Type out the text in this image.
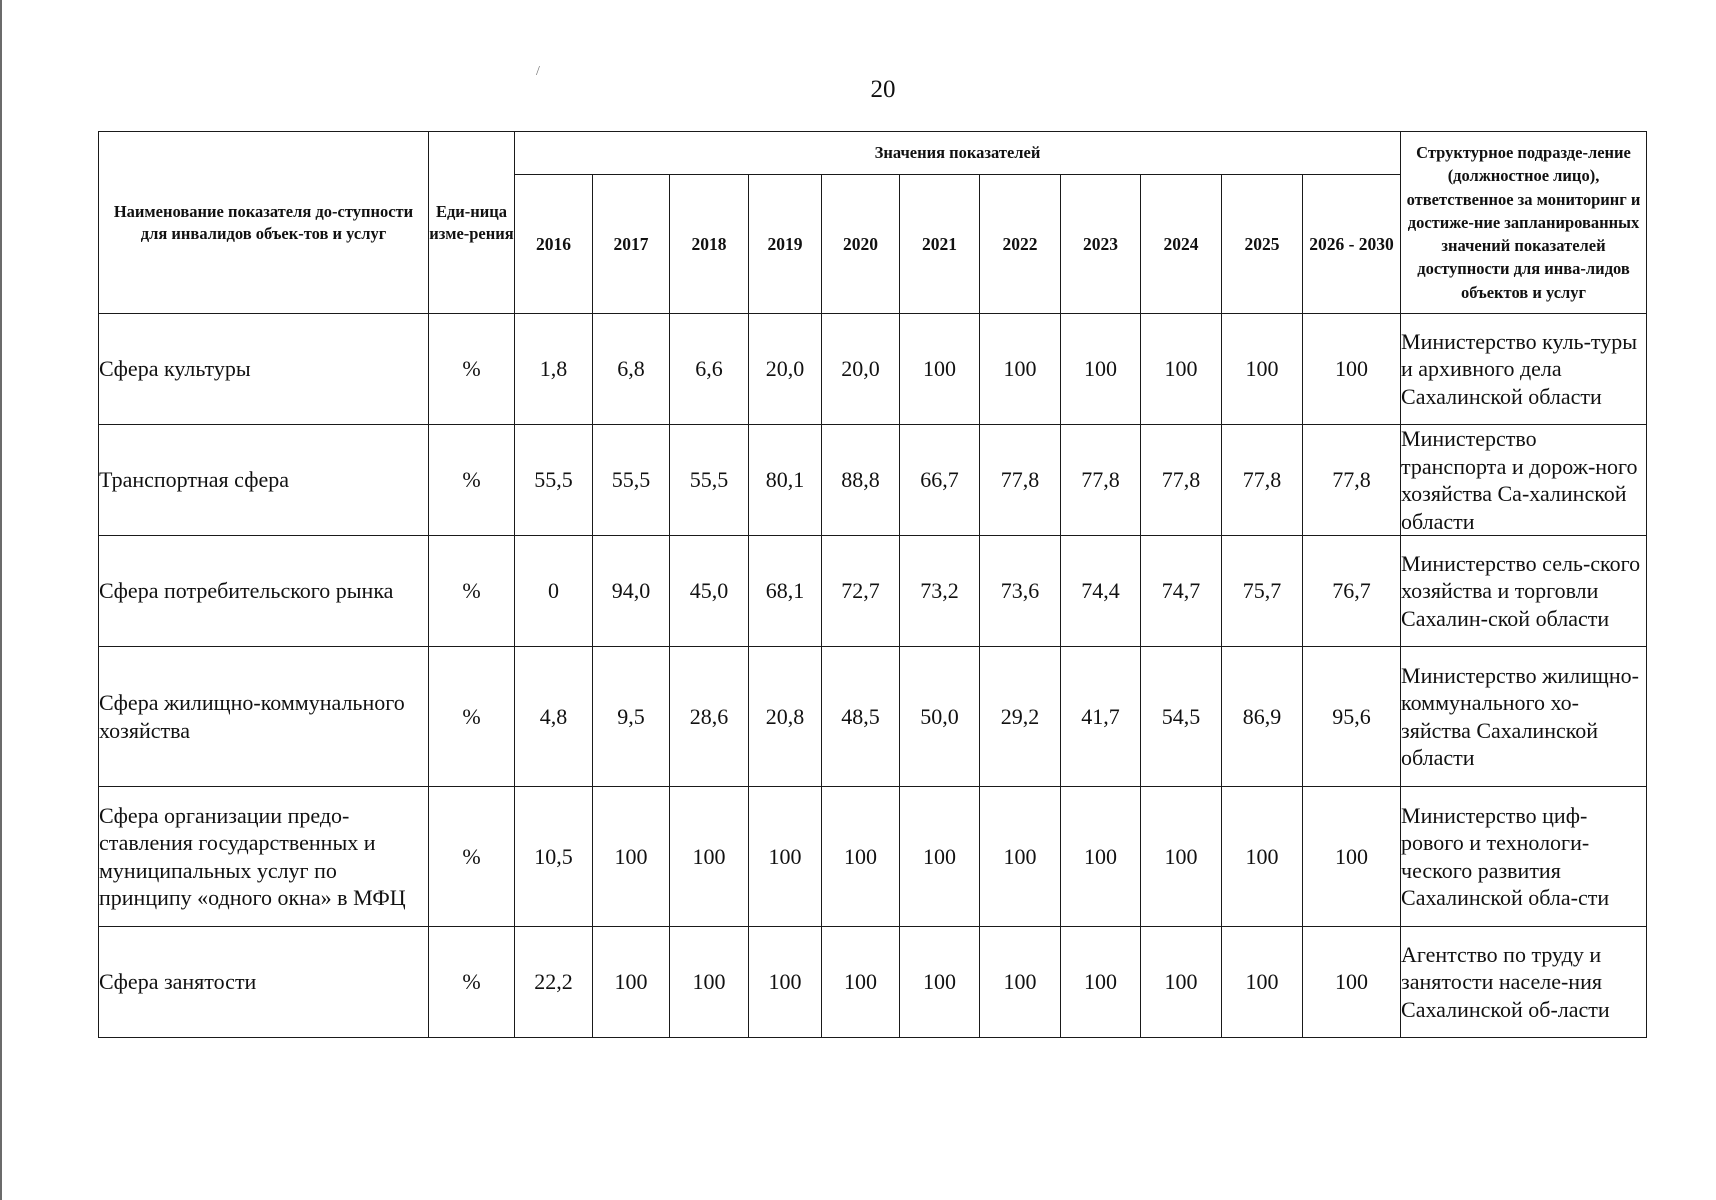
20
/
Наименование показателя до-ступности для инвалидов объек-тов и услуг	Еди-ница изме-рения	Значения показателей											Структурное подразде-ление (должностное лицо), ответственное за мониторинг и достиже-ние запланированных значений показателей доступности для инва-лидов объектов и услуг
		2016	2017	2018	2019	2020	2021	2022	2023	2024	2025	2026 - 2030	
Сфера культуры	%	1,8	6,8	6,6	20,0	20,0	100	100	100	100	100	100	Министерство куль-туры и архивного дела Сахалинской области
Транспортная сфера	%	55,5	55,5	55,5	80,1	88,8	66,7	77,8	77,8	77,8	77,8	77,8	Министерство транспорта и дорож-ного хозяйства Са-халинской области
Сфера потребительского рынка	%	0	94,0	45,0	68,1	72,7	73,2	73,6	74,4	74,7	75,7	76,7	Министерство сель-ского хозяйства и торговли Сахалин-ской области
Сфера жилищно-коммунального хозяйства	%	4,8	9,5	28,6	20,8	48,5	50,0	29,2	41,7	54,5	86,9	95,6	Министерство жилищно-коммунального хо-зяйства Сахалинской области
Сфера организации предо-ставления государственных и муниципальных услуг по принципу «одного окна» в МФЦ	%	10,5	100	100	100	100	100	100	100	100	100	100	Министерство циф-рового и технологи-ческого развития Сахалинской обла-сти
Сфера занятости	%	22,2	100	100	100	100	100	100	100	100	100	100	Агентство по труду и занятости населе-ния Сахалинской об-ласти
